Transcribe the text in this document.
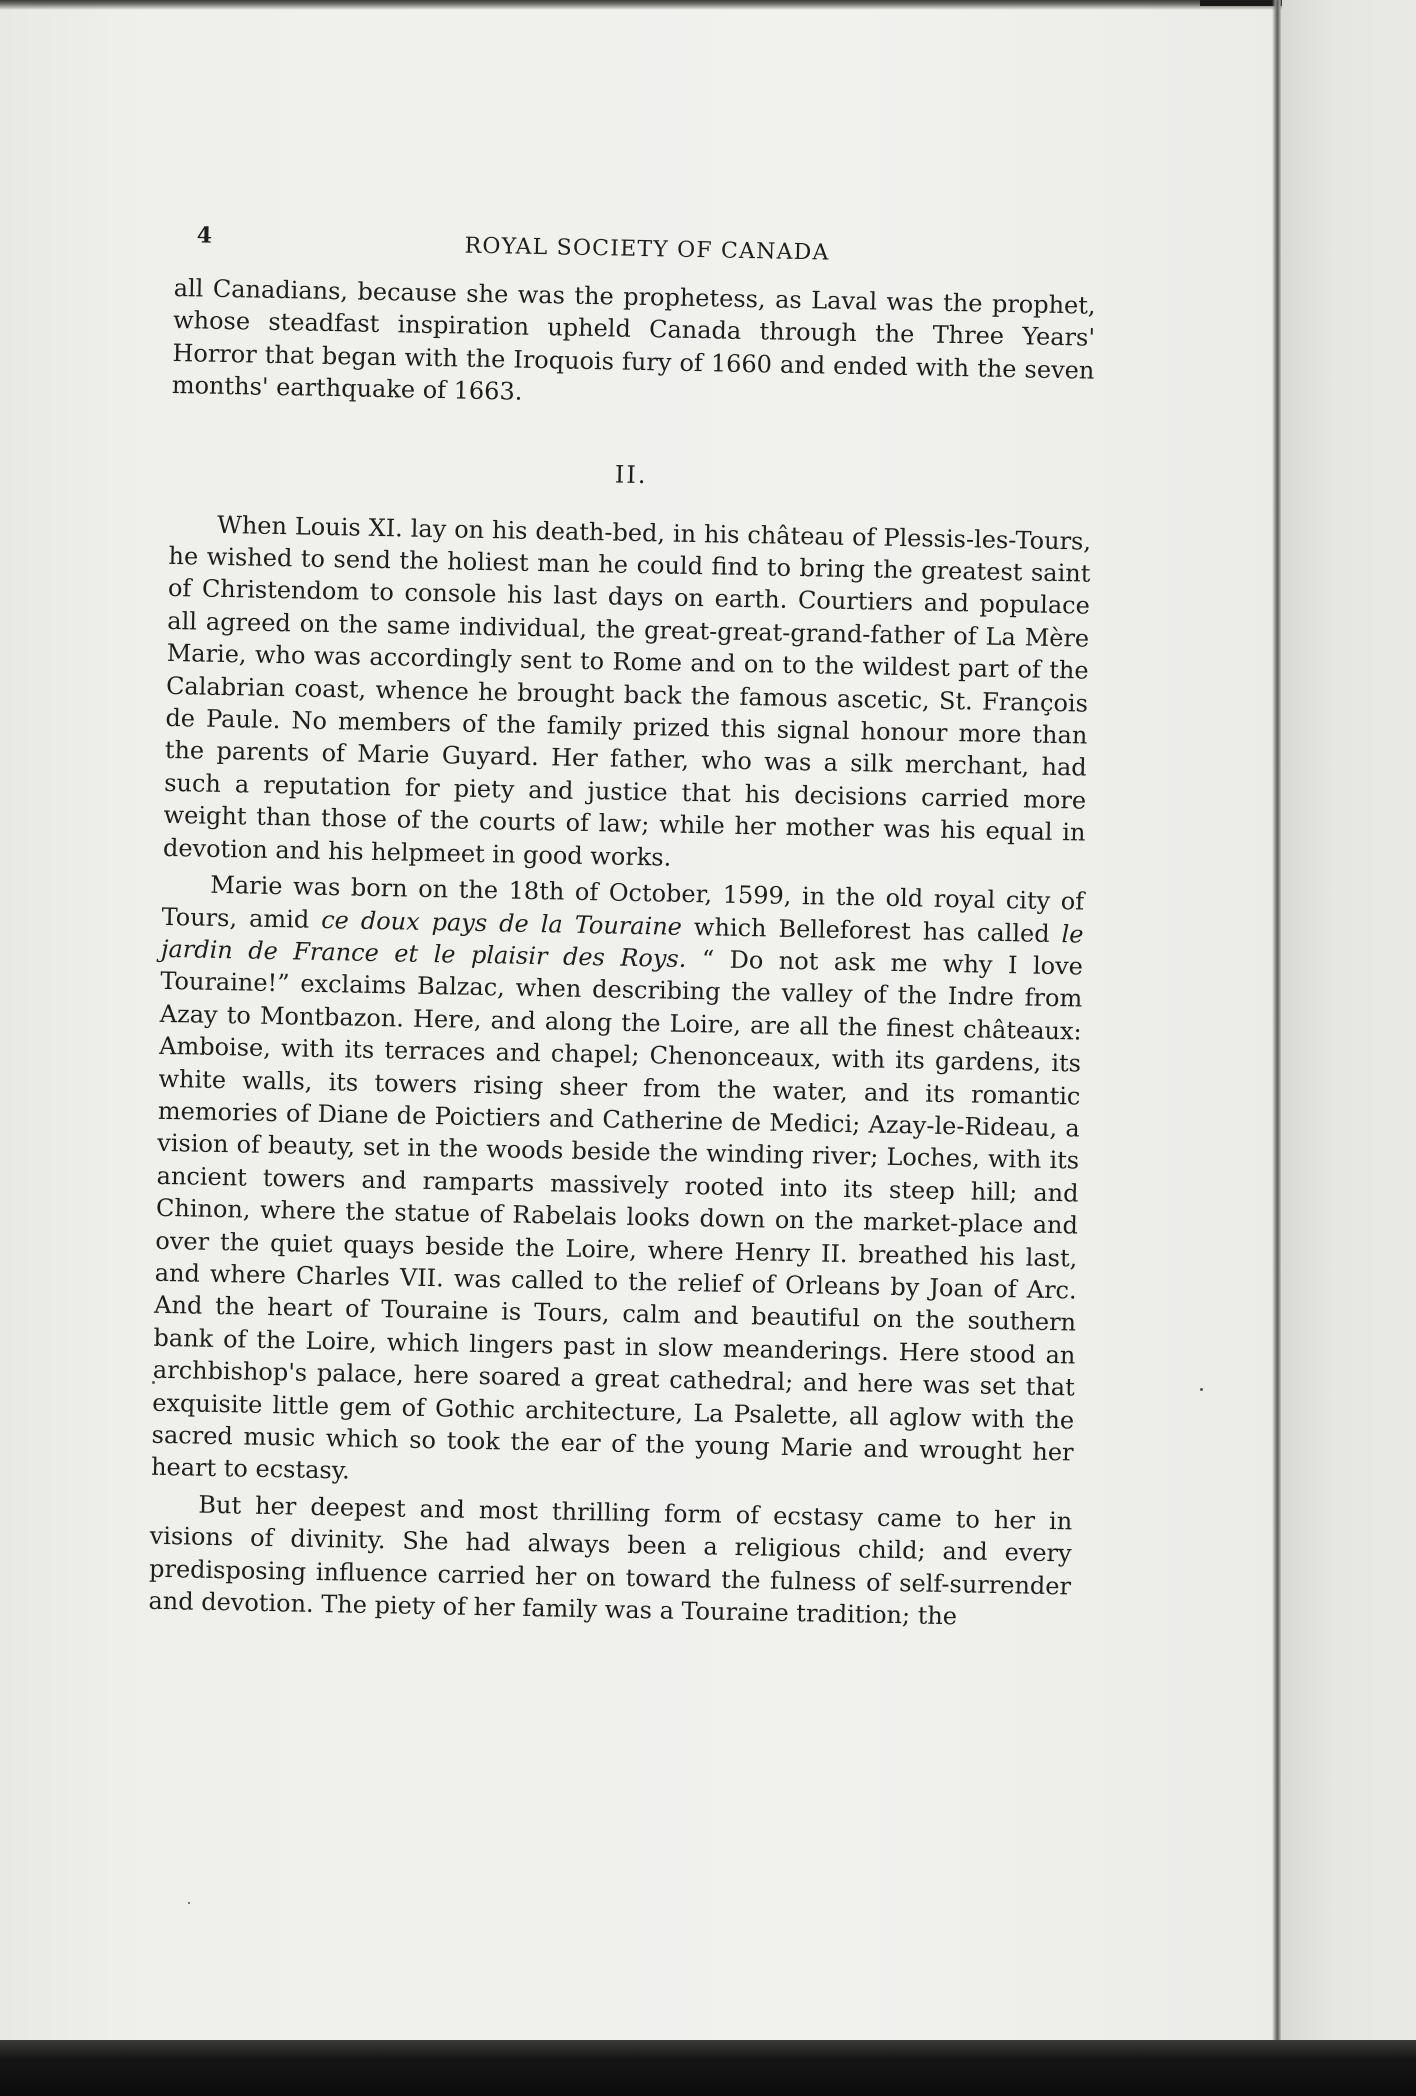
4	ROYAL SOCIETY OF CANADA

all Canadians, because she was the prophetess, as Laval was the prophet, whose steadfast inspiration upheld Canada through the Three Years' Horror that began with the Iroquois fury of 1660 and ended with the seven months' earthquake of 1663.

II.

When Louis XI. lay on his death-bed, in his château of Plessis-les-Tours, he wished to send the holiest man he could find to bring the greatest saint of Christendom to console his last days on earth. Courtiers and populace all agreed on the same individual, the great-great-grand-father of La Mère Marie, who was accordingly sent to Rome and on to the wildest part of the Calabrian coast, whence he brought back the famous ascetic, St. François de Paule. No members of the family prized this signal honour more than the parents of Marie Guyard. Her father, who was a silk merchant, had such a reputation for piety and justice that his decisions carried more weight than those of the courts of law; while her mother was his equal in devotion and his helpmeet in good works.

Marie was born on the 18th of October, 1599, in the old royal city of Tours, amid ce doux pays de la Touraine which Belleforest has called le jardin de France et le plaisir des Roys. “ Do not ask me why I love Touraine!” exclaims Balzac, when describing the valley of the Indre from Azay to Montbazon. Here, and along the Loire, are all the finest châteaux: Amboise, with its terraces and chapel; Chenonceaux, with its gardens, its white walls, its towers rising sheer from the water, and its romantic memories of Diane de Poictiers and Catherine de Medici; Azay-le-Rideau, a vision of beauty, set in the woods beside the winding river; Loches, with its ancient towers and ramparts massively rooted into its steep hill; and Chinon, where the statue of Rabelais looks down on the market-place and over the quiet quays beside the Loire, where Henry II. breathed his last, and where Charles VII. was called to the relief of Orleans by Joan of Arc. And the heart of Touraine is Tours, calm and beautiful on the southern bank of the Loire, which lingers past in slow meanderings. Here stood an archbishop's palace, here soared a great cathedral; and here was set that exquisite little gem of Gothic architecture, La Psalette, all aglow with the sacred music which so took the ear of the young Marie and wrought her heart to ecstasy.

But her deepest and most thrilling form of ecstasy came to her in visions of divinity. She had always been a religious child; and every predisposing influence carried her on toward the fulness of self-surrender and devotion. The piety of her family was a Touraine tradition; the
